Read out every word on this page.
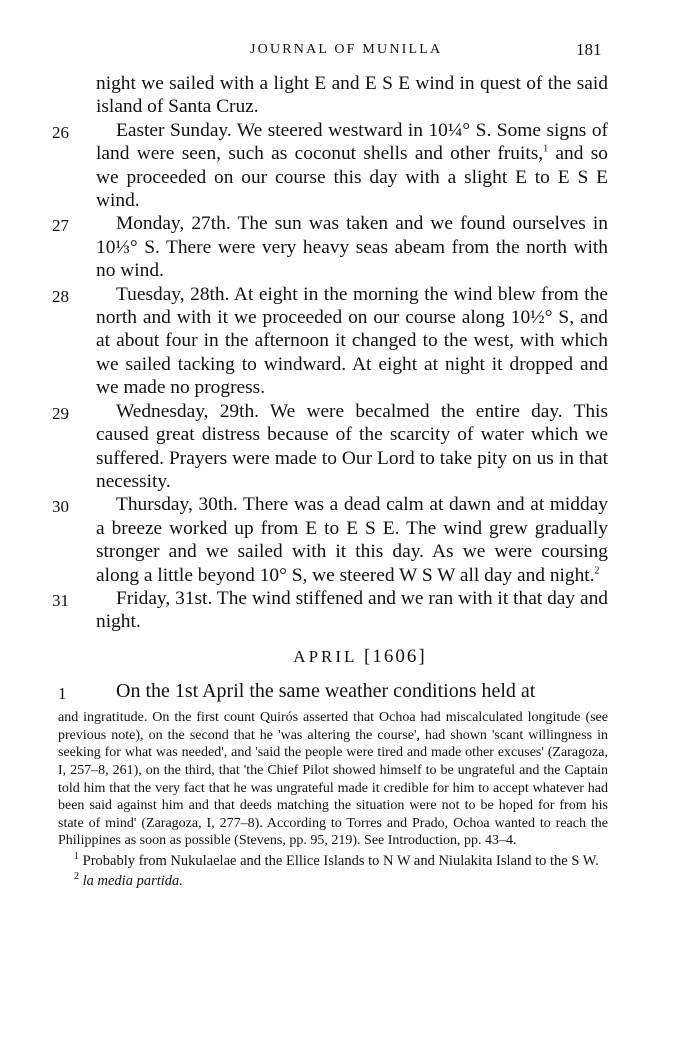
JOURNAL OF MUNILLA	181
night we sailed with a light E and E S E wind in quest of the said island of Santa Cruz.
26	Easter Sunday. We steered westward in 10¼° S. Some signs of land were seen, such as coconut shells and other fruits,$^1$ and so we proceeded on our course this day with a slight E to E S E wind.
27	Monday, 27th. The sun was taken and we found ourselves in 10⅓° S. There were very heavy seas abeam from the north with no wind.
28	Tuesday, 28th. At eight in the morning the wind blew from the north and with it we proceeded on our course along 10½° S, and at about four in the afternoon it changed to the west, with which we sailed tacking to windward. At eight at night it dropped and we made no progress.
29	Wednesday, 29th. We were becalmed the entire day. This caused great distress because of the scarcity of water which we suffered. Prayers were made to Our Lord to take pity on us in that necessity.
30	Thursday, 30th. There was a dead calm at dawn and at midday a breeze worked up from E to E S E. The wind grew gradually stronger and we sailed with it this day. As we were coursing along a little beyond 10° S, we steered W S W all day and night.$^2$
31	Friday, 31st. The wind stiffened and we ran with it that day and night.
APRIL [1606]
1 On the 1st April the same weather conditions held at
and ingratitude. On the first count Quirós asserted that Ochoa had miscalculated longitude (see previous note), on the second that he 'was altering the course', had shown 'scant willingness in seeking for what was needed', and 'said the people were tired and made other excuses' (Zaragoza, I, 257–8, 261), on the third, that 'the Chief Pilot showed himself to be ungrateful and the Captain told him that the very fact that he was ungrateful made it credible for him to accept whatever had been said against him and that deeds matching the situation were not to be hoped for from his state of mind' (Zaragoza, I, 277–8). According to Torres and Prado, Ochoa wanted to reach the Philippines as soon as possible (Stevens, pp. 95, 219). See Introduction, pp. 43–4.
$^1$ Probably from Nukulaelae and the Ellice Islands to N W and Niulakita Island to the S W.
$^2$ la media partida.
